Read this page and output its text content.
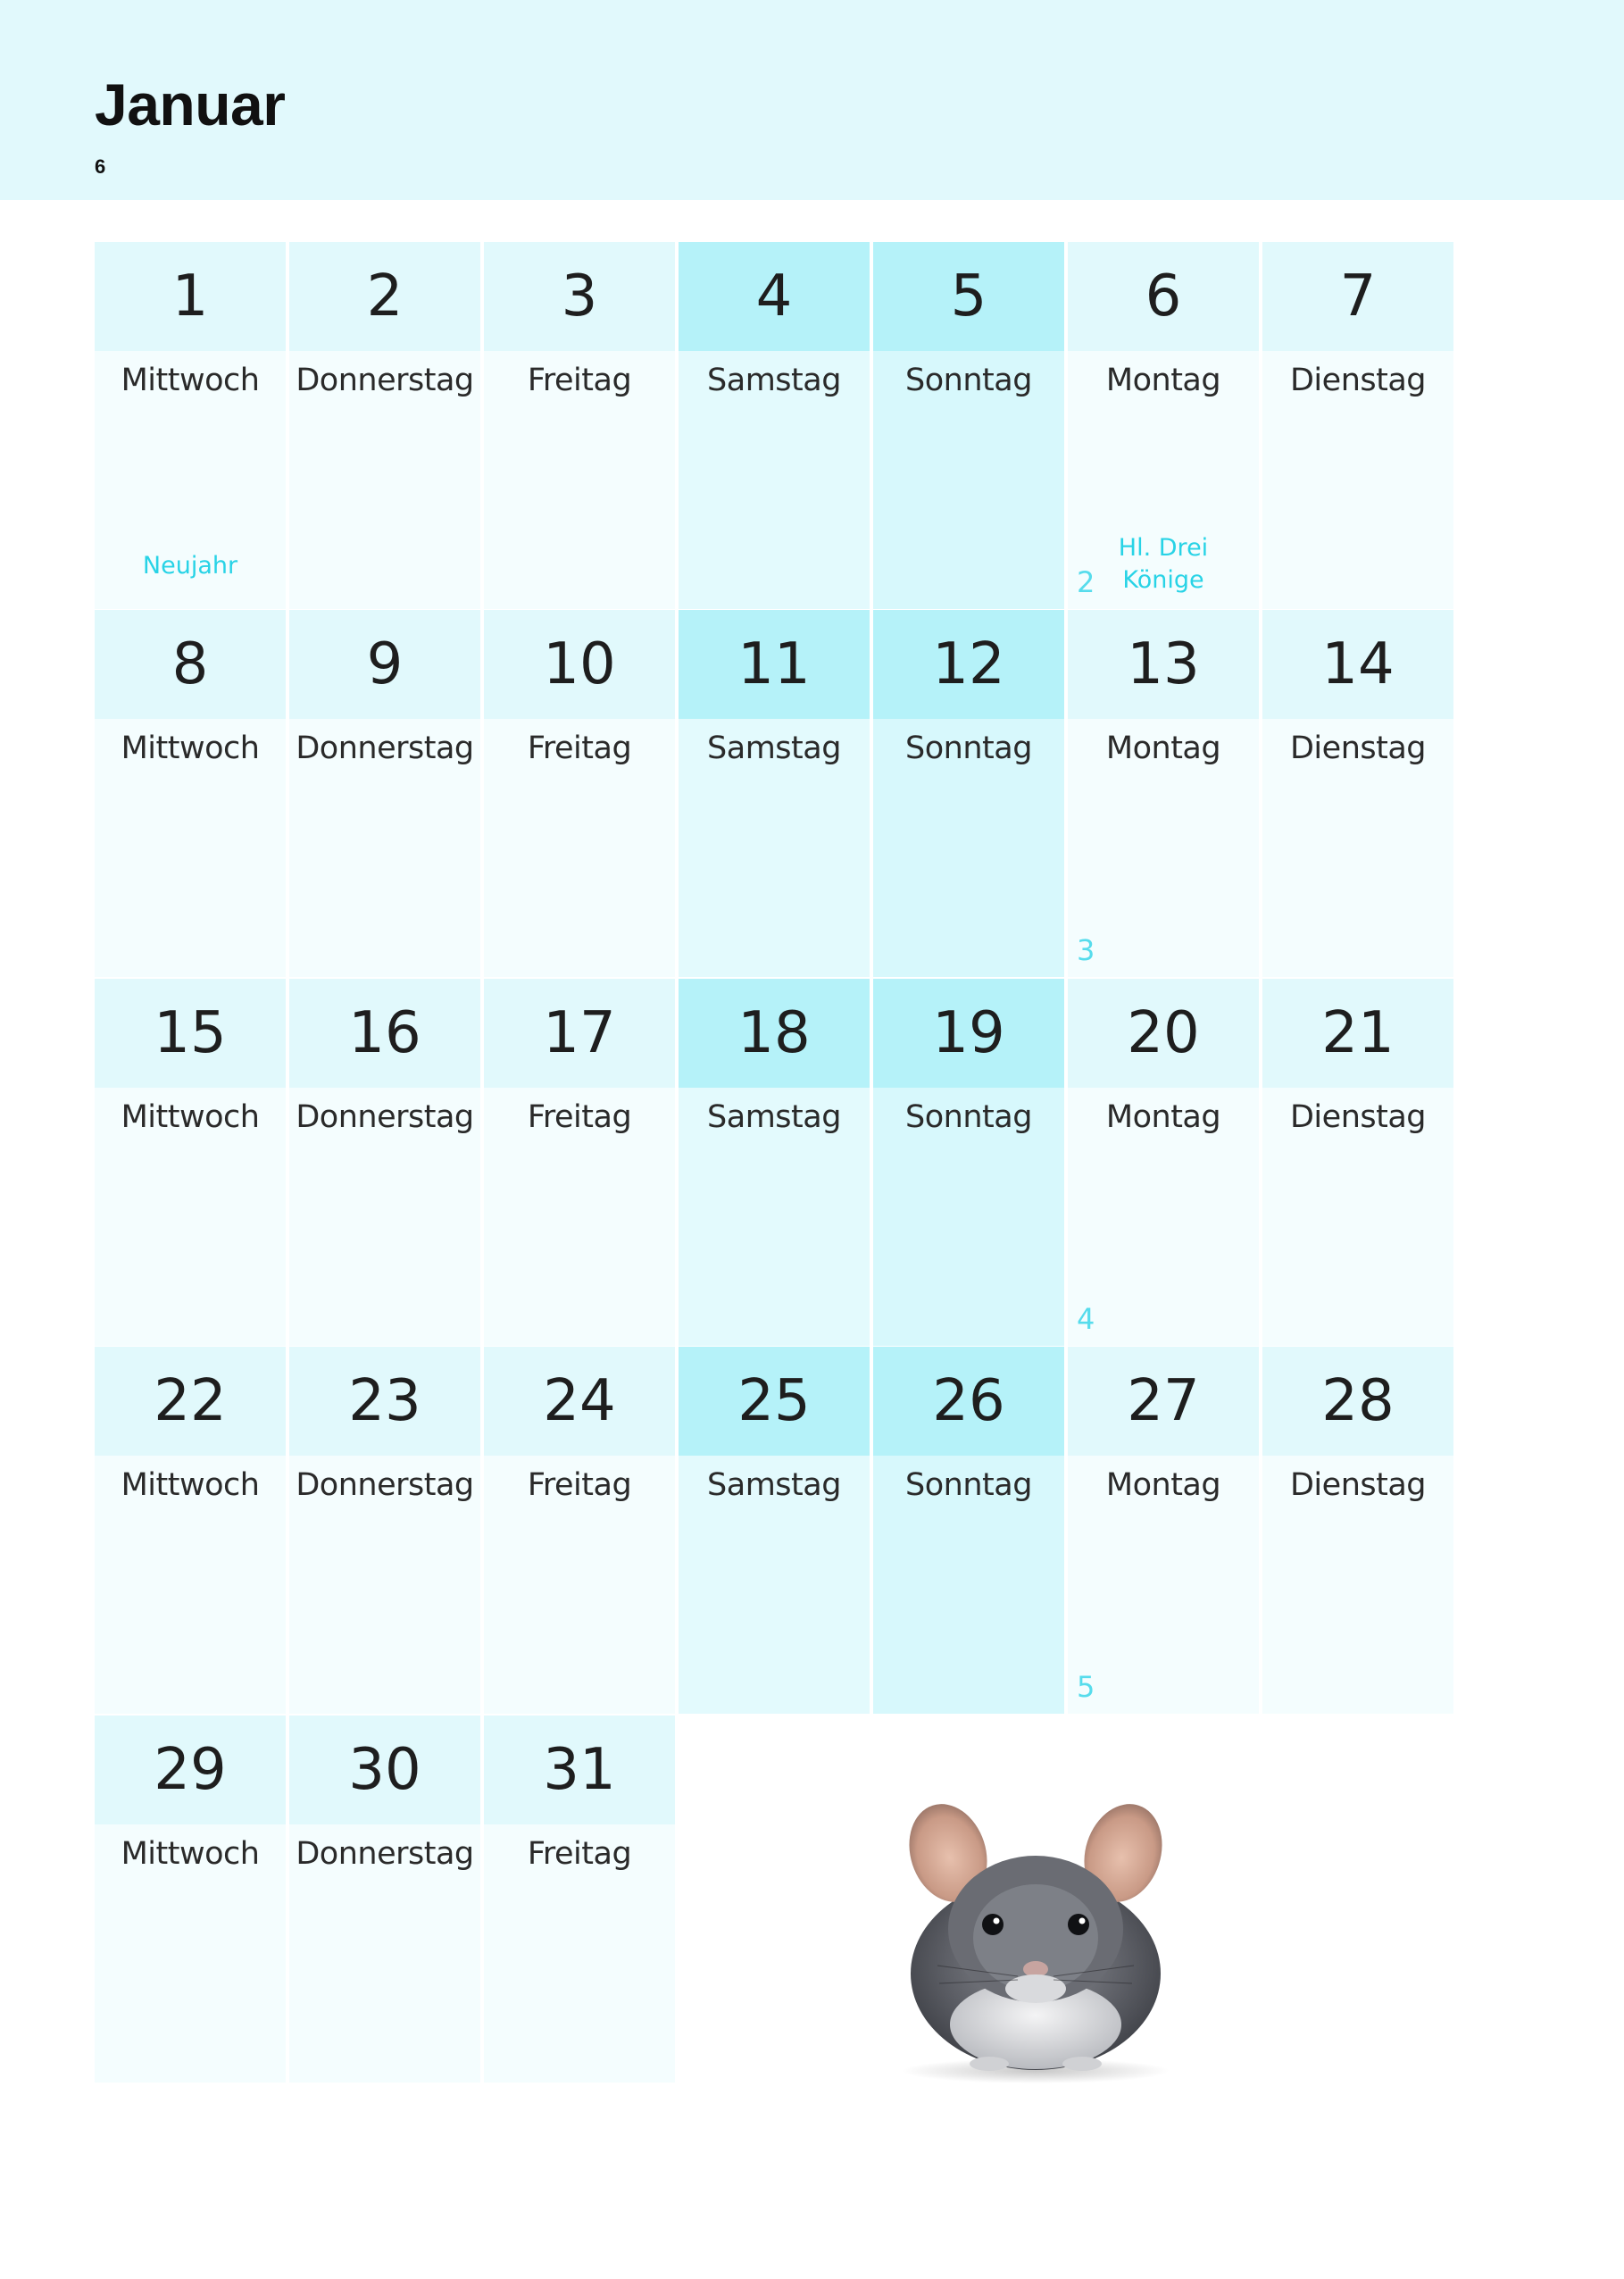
Januar
6
1
Mittwoch
Neujahr
2
Donnerstag
3
Freitag
4
Samstag
5
Sonntag
6
Montag
Hl. Drei
Könige
2
7
Dienstag
8
Mittwoch
9
Donnerstag
10
Freitag
11
Samstag
12
Sonntag
13
Montag
3
14
Dienstag
15
Mittwoch
16
Donnerstag
17
Freitag
18
Samstag
19
Sonntag
20
Montag
4
21
Dienstag
22
Mittwoch
23
Donnerstag
24
Freitag
25
Samstag
26
Sonntag
27
Montag
5
28
Dienstag
29
Mittwoch
30
Donnerstag
31
Freitag
